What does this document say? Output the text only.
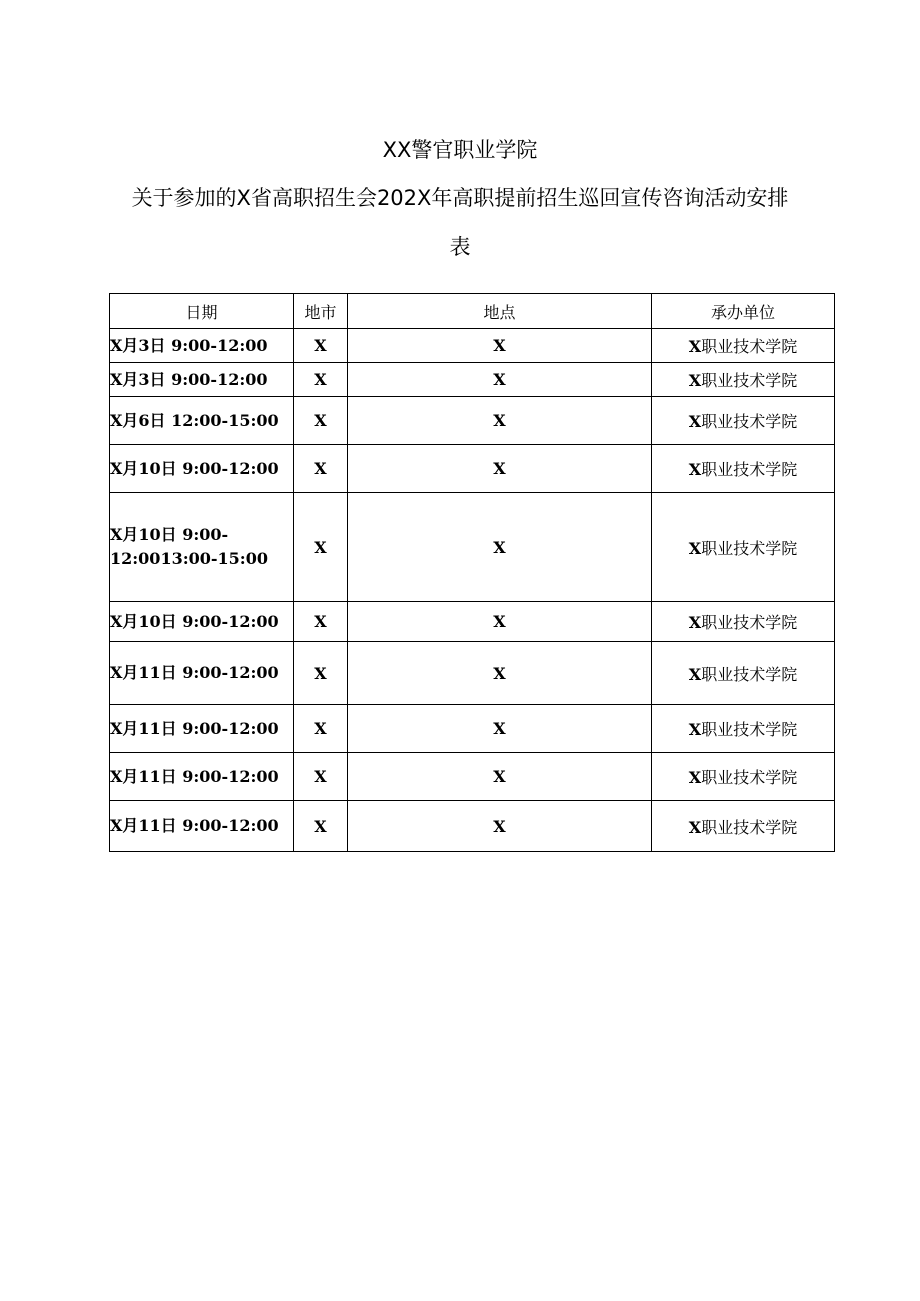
XX警官职业学院
关于参加的X省高职招生会202X年高职提前招生巡回宣传咨询活动安排
表
日期	地市	地点	承办单位
X月3日 9:00-12:00	X	X	X职业技术学院
X月3日 9:00-12:00	X	X	X职业技术学院
X月6日 12:00-15:00	X	X	X职业技术学院
X月10日 9:00-12:00	X	X	X职业技术学院
X月10日 9:00-12:0013:00-15:00	X	X	X职业技术学院
X月10日 9:00-12:00	X	X	X职业技术学院
X月11日 9:00-12:00	X	X	X职业技术学院
X月11日 9:00-12:00	X	X	X职业技术学院
X月11日 9:00-12:00	X	X	X职业技术学院
X月11日 9:00-12:00	X	X	X职业技术学院
